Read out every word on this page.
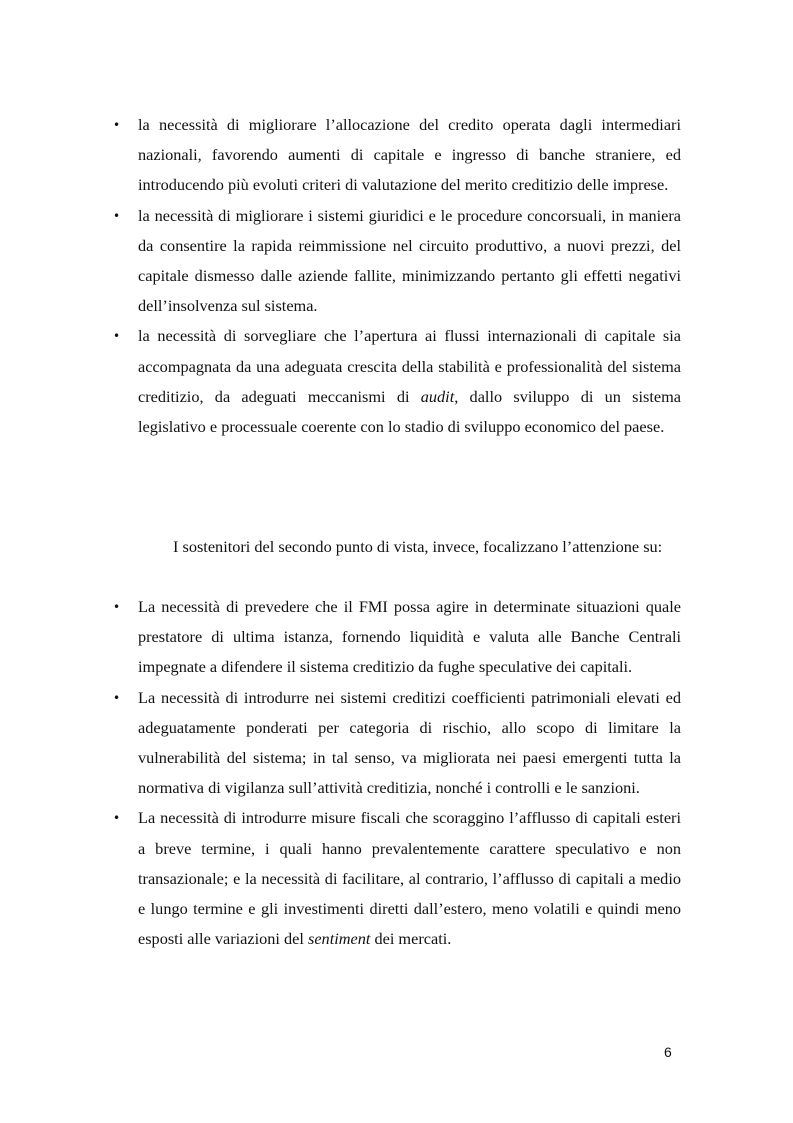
• la necessità di migliorare l’allocazione del credito operata dagli intermediari nazionali, favorendo aumenti di capitale e ingresso di banche straniere, ed introducendo più evoluti criteri di valutazione del merito creditizio delle imprese.

• la necessità di migliorare i sistemi giuridici e le procedure concorsuali, in maniera da consentire la rapida reimmissione nel circuito produttivo, a nuovi prezzi, del capitale dismesso dalle aziende fallite, minimizzando pertanto gli effetti negativi dell’insolvenza sul sistema.

• la necessità di sorvegliare che l’apertura ai flussi internazionali di capitale sia accompagnata da una adeguata crescita della stabilità e professionalità del sistema creditizio, da adeguati meccanismi di audit, dallo sviluppo di un sistema legislativo e processuale coerente con lo stadio di sviluppo economico del paese.

I sostenitori del secondo punto di vista, invece, focalizzano l’attenzione su:

• La necessità di prevedere che il FMI possa agire in determinate situazioni quale prestatore di ultima istanza, fornendo liquidità e valuta alle Banche Centrali impegnate a difendere il sistema creditizio da fughe speculative dei capitali.

• La necessità di introdurre nei sistemi creditizi coefficienti patrimoniali elevati ed adeguatamente ponderati per categoria di rischio, allo scopo di limitare la vulnerabilità del sistema; in tal senso, va migliorata nei paesi emergenti tutta la normativa di vigilanza sull’attività creditizia, nonché i controlli e le sanzioni.

• La necessità di introdurre misure fiscali che scoraggino l’afflusso di capitali esteri a breve termine, i quali hanno prevalentemente carattere speculativo e non transazionale; e la necessità di facilitare, al contrario, l’afflusso di capitali a medio e lungo termine e gli investimenti diretti dall’estero, meno volatili e quindi meno esposti alle variazioni del sentiment dei mercati.

6
